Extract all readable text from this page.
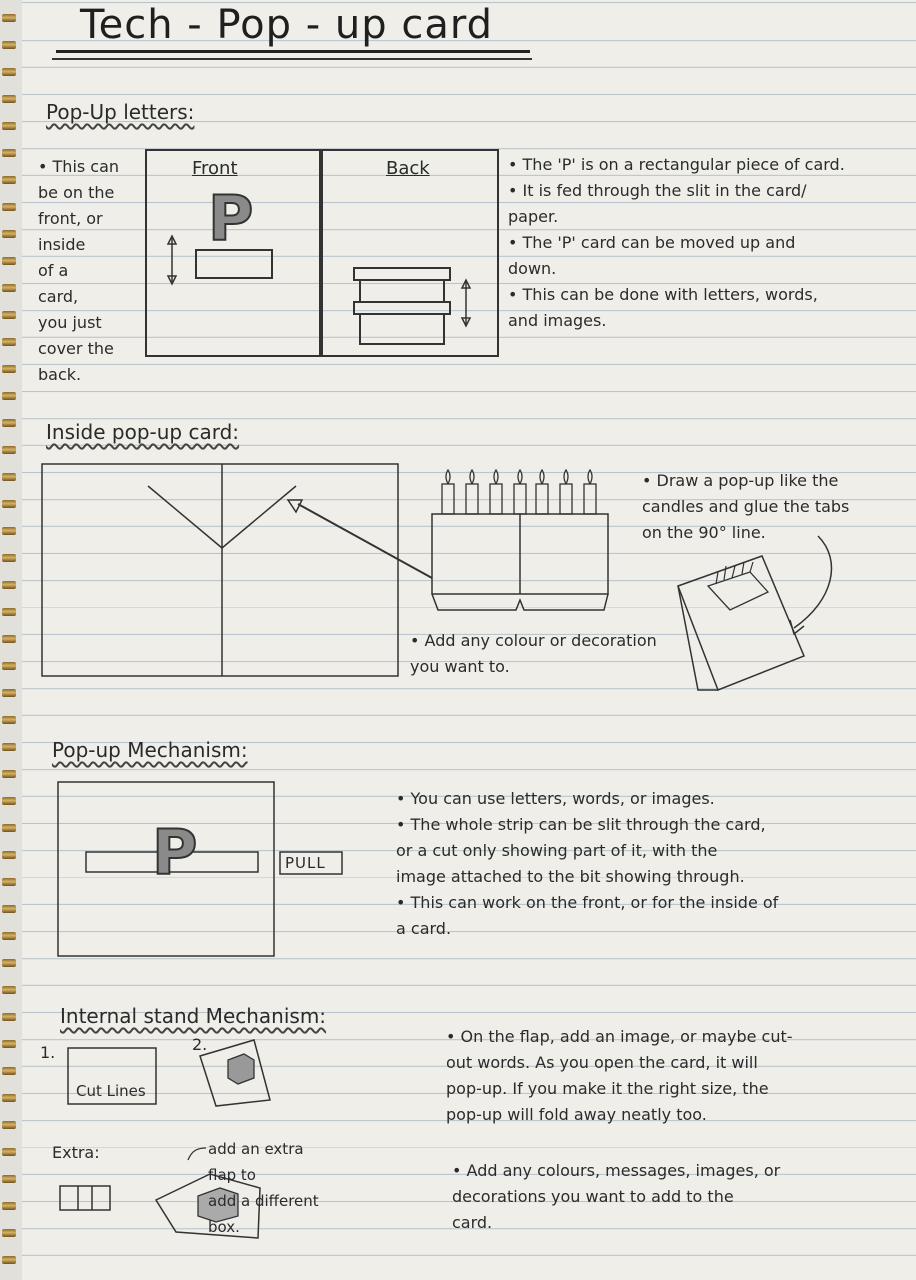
Tech - Pop - up card
Pop-Up letters:
• This can
be on the
front, or
inside
of a
card,
you just
cover the
back.
Front	Back
P
• The 'P' is on a rectangular piece of card.
• It is fed through the slit in the card/
paper.
• The 'P' card can be moved up and
down.
• This can be done with letters, words,
and images.
Inside pop-up card:
• Draw a pop-up like the
candles and glue the tabs
on the 90° line.
• Add any colour or decoration
you want to.
Pop-up Mechanism:
P	PULL
• You can use letters, words, or images.
• The whole strip can be slit through the card,
or a cut only showing part of it, with the
image attached to the bit showing through.
• This can work on the front, or for the inside of
a card.
Internal stand Mechanism:
1.	2.
Cut Lines
• On the flap, add an image, or maybe cut-
out words. As you open the card, it will
pop-up. If you make it the right size, the
pop-up will fold away neatly too.
Extra:	add an extra
flap to
add a different
box.
• Add any colours, messages, images, or
decorations you want to add to the
card.
